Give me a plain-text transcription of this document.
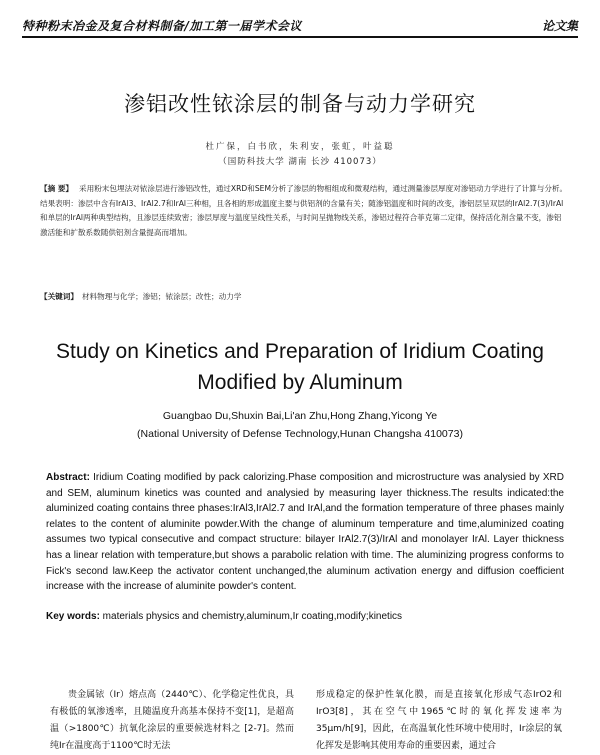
特种粉末冶金及复合材料制备/加工第一届学术会议	论文集
渗铝改性铱涂层的制备与动力学研究
杜广保，白书欣，朱利安，张虹，叶益聪
（国防科技大学 湖南 长沙 410073）
【摘 要】 采用粉末包埋法对铱涂层进行渗铝改性，通过XRD和SEM分析了渗层的物相组成和微观结构，通过测量渗层厚度对渗铝动力学进行了计算与分析。结果表明：渗层中含有IrAl3、IrAl2.7和IrAl三种相，且各相的形成温度主要与供铝剂的含量有关；随渗铝温度和时间的改变，渗铝层呈双层的IrAl2.7(3)/IrAl和单层的IrAl两种典型结构，且渗层连续致密；渗层厚度与温度呈线性关系，与时间呈抛物线关系，渗铝过程符合菲克第二定律，保持活化剂含量不变，渗铝激活能和扩散系数随供铝剂含量提高而增加。
【关键词】 材料物理与化学；渗铝；铱涂层；改性；动力学
Study on Kinetics and Preparation of Iridium Coating
Modified by Aluminum
Guangbao Du,Shuxin Bai,Li'an Zhu,Hong Zhang,Yicong Ye
(National University of Defense Technology,Hunan Changsha 410073)
Abstract: Iridium Coating modified by pack calorizing.Phase composition and microstructure was analysied by XRD and SEM, aluminum kinetics was counted and analysied by measuring layer thickness.The results indicated:the aluminized coating contains three phases:IrAl3,IrAl2.7 and IrAl,and the formation temperature of three phases mainly relates to the content of aluminite powder.With the change of aluminum temperature and time,aluminized coating assumes two typical consecutive and compact structure: bilayer IrAl2.7(3)/IrAl and monolayer IrAl. Layer thickness has a linear relation with temperature,but shows a parabolic relation with time. The aluminizing progress conforms to Fick's second law.Keep the activator content unchanged,the aluminum activation energy and diffusion coefficient increase with the increase of aluminite powder's content.
Key words: materials physics and chemistry,aluminum,Ir coating,modify;kinetics
贵金属铱（Ir）熔点高（2440℃）、化学稳定性优良，具有极低的氧渗透率，且随温度升高基本保持不变[1]，是超高温（>1800℃）抗氧化涂层的重要候选材料之 [2-7]。然而纯Ir在温度高于1100℃时无法
形成稳定的保护性氧化膜，而是直接氧化形成气态IrO2和IrO3[8]，其在空气中1965℃时的氧化挥发速率为35μm/h[9]，因此，在高温氧化性环境中使用时，Ir涂层的氧化挥发是影响其使用寿命的重要因素，通过合
